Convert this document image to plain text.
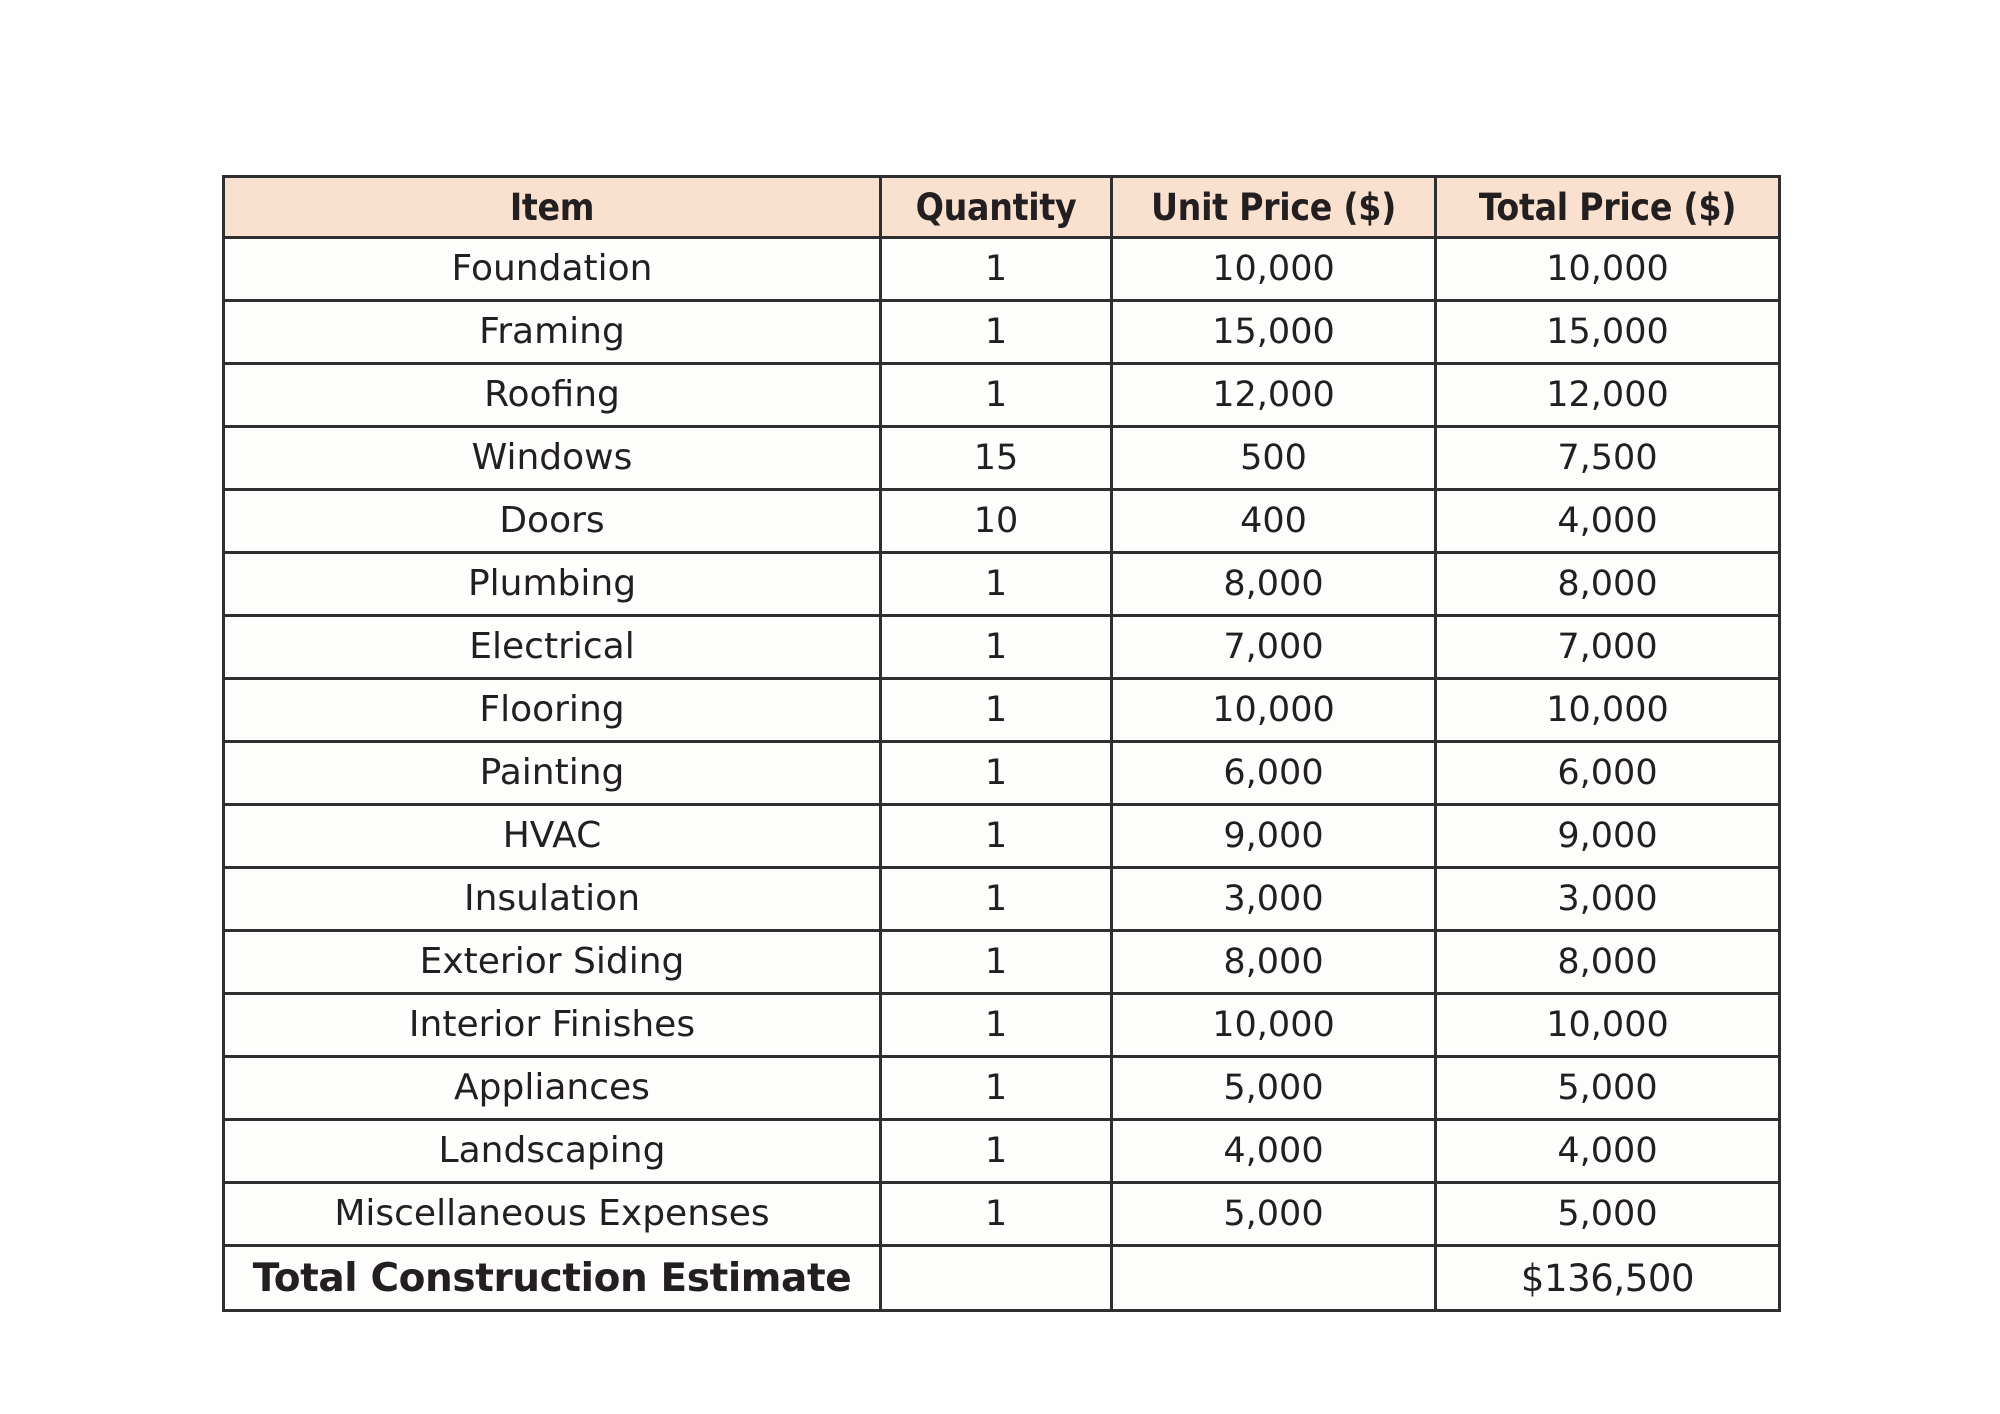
Item	Quantity	Unit Price ($)	Total Price ($)
Foundation	1	10,000	10,000
Framing	1	15,000	15,000
Roofing	1	12,000	12,000
Windows	15	500	7,500
Doors	10	400	4,000
Plumbing	1	8,000	8,000
Electrical	1	7,000	7,000
Flooring	1	10,000	10,000
Painting	1	6,000	6,000
HVAC	1	9,000	9,000
Insulation	1	3,000	3,000
Exterior Siding	1	8,000	8,000
Interior Finishes	1	10,000	10,000
Appliances	1	5,000	5,000
Landscaping	1	4,000	4,000
Miscellaneous Expenses	1	5,000	5,000
Total Construction Estimate			$136,500
